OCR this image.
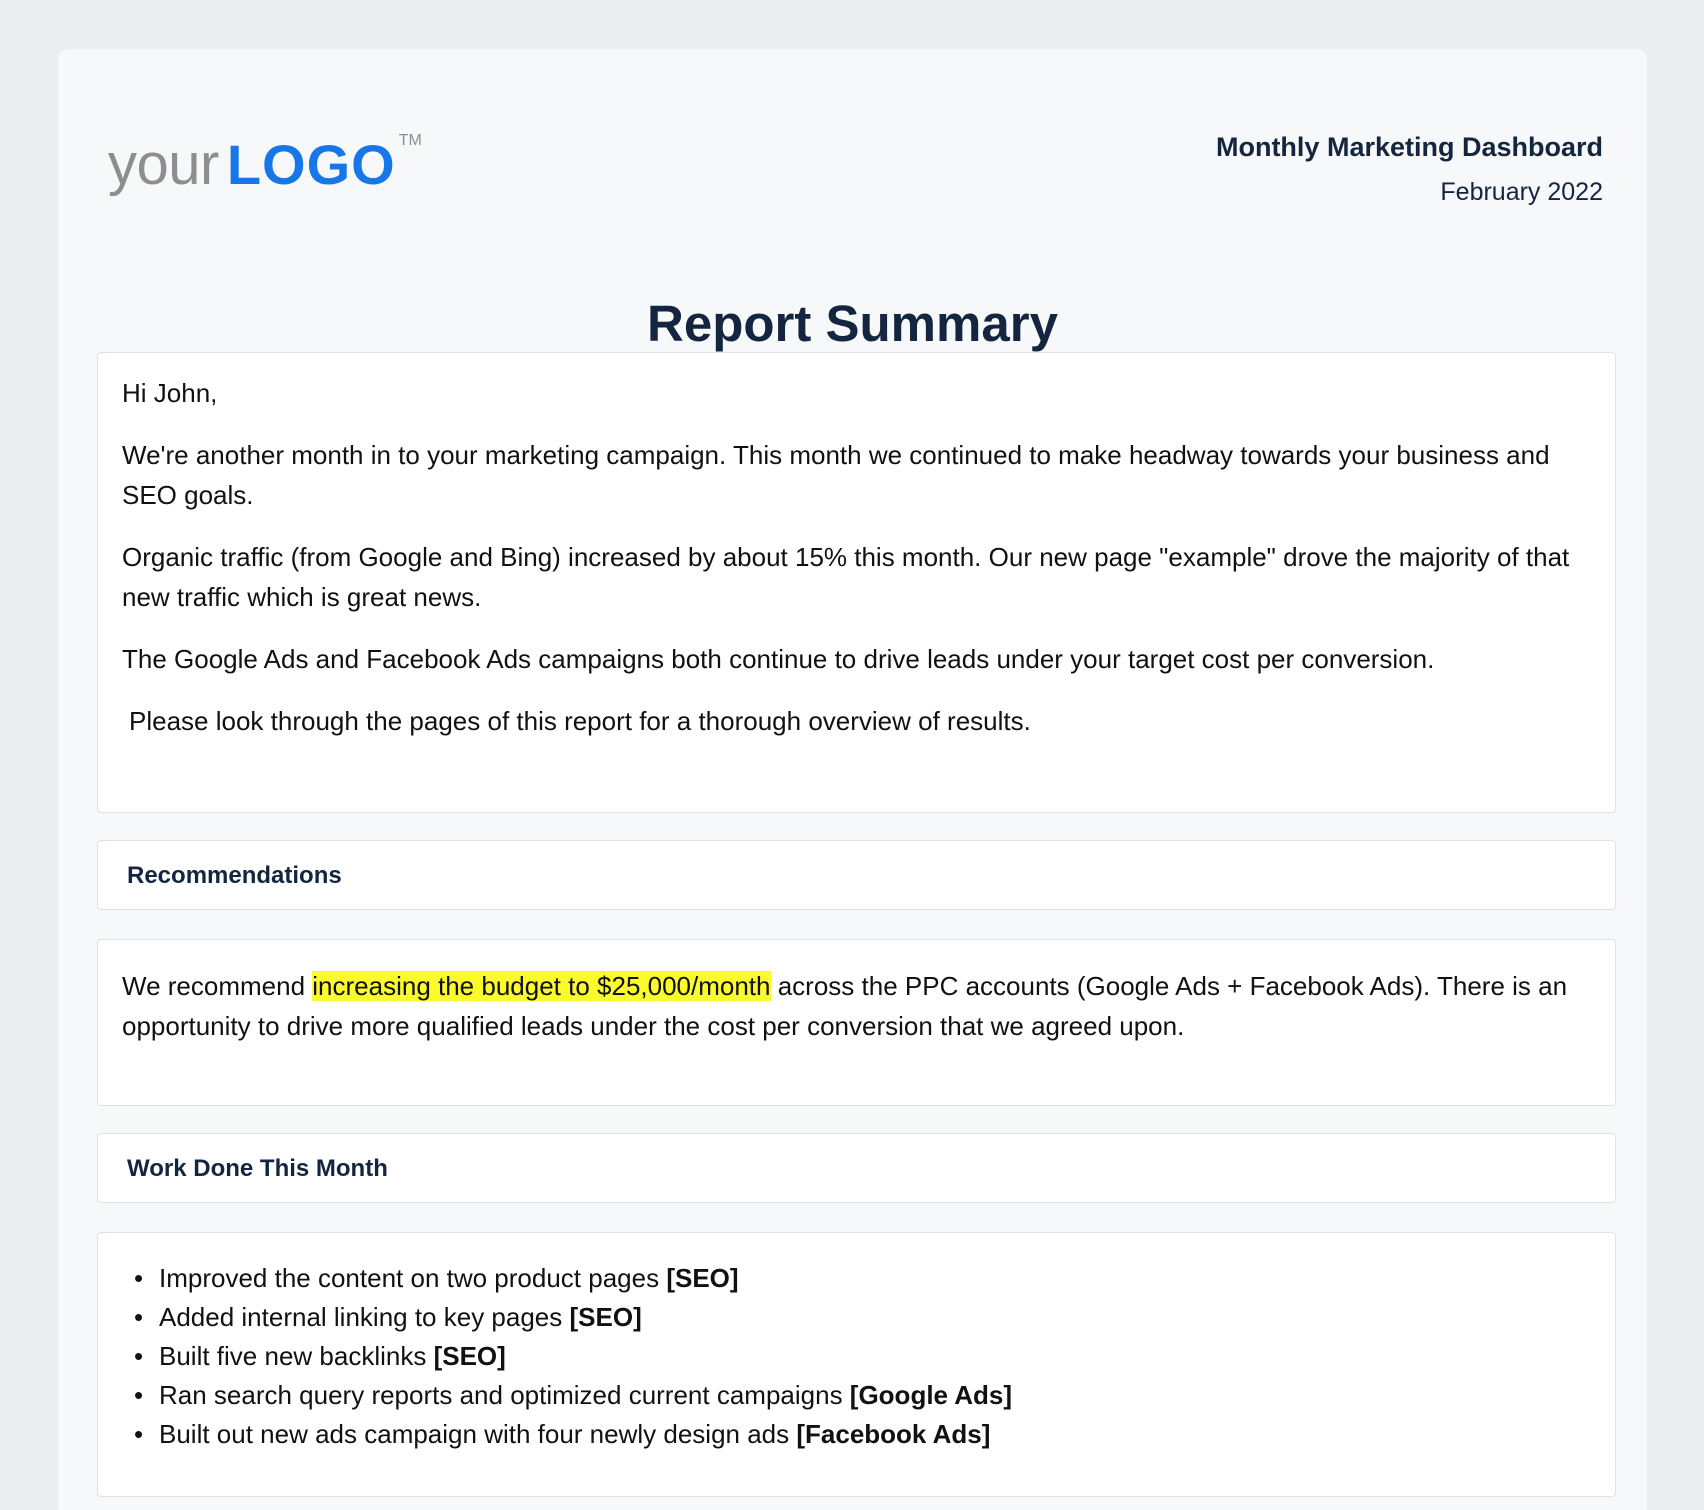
your LOGO TM	Monthly Marketing Dashboard
February 2022
Report Summary

Hi John,

We're another month in to your marketing campaign. This month we continued to make headway towards your business and SEO goals.

Organic traffic (from Google and Bing) increased by about 15% this month. Our new page "example" drove the majority of that new traffic which is great news.

The Google Ads and Facebook Ads campaigns both continue to drive leads under your target cost per conversion.

Please look through the pages of this report for a thorough overview of results.

Recommendations

We recommend increasing the budget to $25,000/month across the PPC accounts (Google Ads + Facebook Ads). There is an opportunity to drive more qualified leads under the cost per conversion that we agreed upon.

Work Done This Month
• Improved the content on two product pages [SEO]
• Added internal linking to key pages [SEO]
• Built five new backlinks [SEO]
• Ran search query reports and optimized current campaigns [Google Ads]
• Built out new ads campaign with four newly design ads [Facebook Ads]
